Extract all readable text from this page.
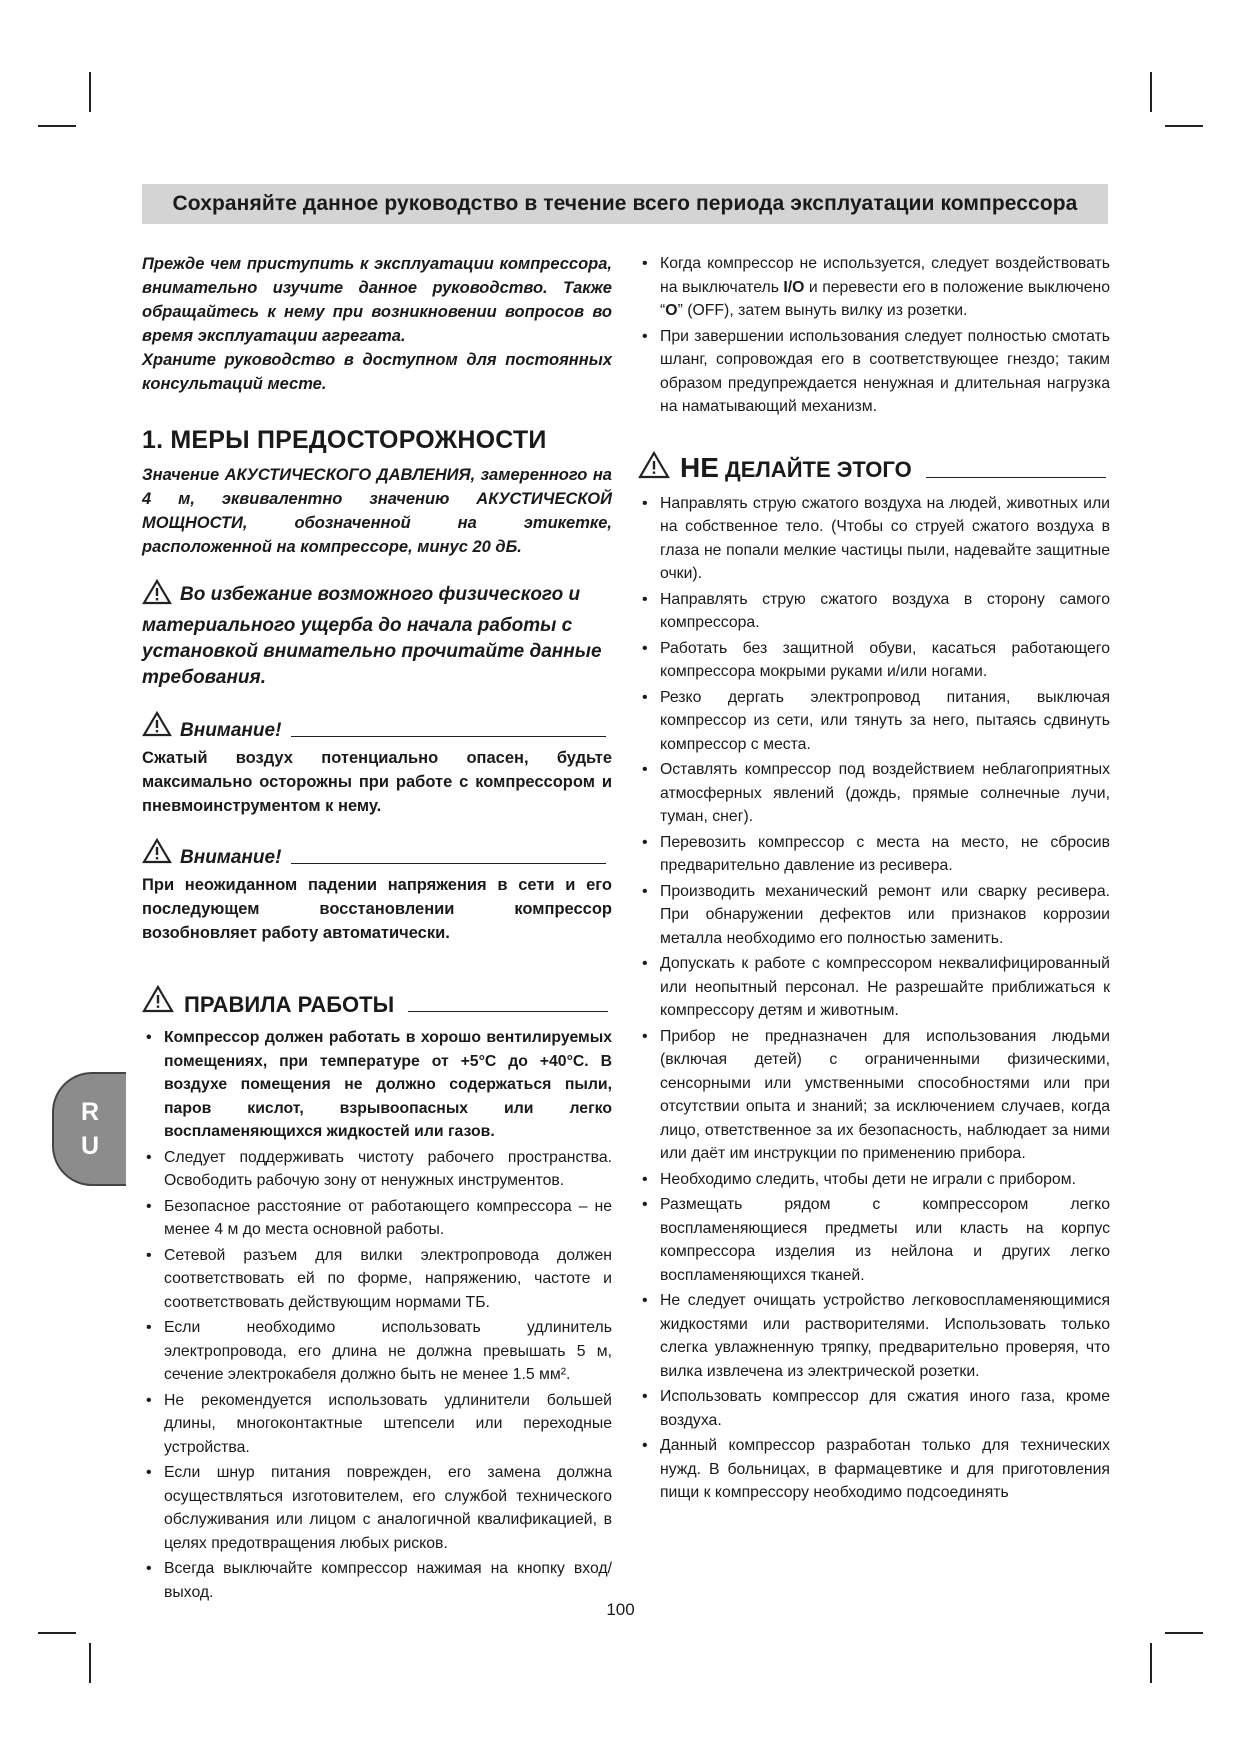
Сохраняйте данное руководство в течение всего периода эксплуатации компрессора

Прежде чем приступить к эксплуатации компрессора, внимательно изучите данное руководство. Также обращайтесь к нему при возникновении вопросов во время эксплуатации агрегата.

Храните руководство в доступном для постоянных консультаций месте.

1. МЕРЫ ПРЕДОСТОРОЖНОСТИ

Значение АКУСТИЧЕСКОГО ДАВЛЕНИЯ, замеренного на 4 м, эквивалентно значению АКУСТИЧЕСКОЙ МОЩНОСТИ, обозначенной на этикетке, расположенной на компрессоре, минус 20 дБ.

Во избежание возможного физического и материального ущерба до начала работы с установкой внимательно прочитайте данные требования.

Внимание!

Сжатый воздух потенциально опасен, будьте максимально осторожны при работе с компрессором и пневмоинструментом к нему.

Внимание!

При неожиданном падении напряжения в сети и его последующем восстановлении компрессор возобновляет работу автоматически.

ПРАВИЛА РАБОТЫ
• Компрессор должен работать в хорошо вентилируемых помещениях, при температуре от +5°С до +40°С. В воздухе помещения не должно содержаться пыли, паров кислот, взрывоопасных или легко воспламеняющихся жидкостей или газов.
• Следует поддерживать чистоту рабочего пространства. Освободить рабочую зону от ненужных инструментов.
• Безопасное расстояние от работающего компрессора – не менее 4 м до места основной работы.
• Сетевой разъем для вилки электропровода должен соответствовать ей по форме, напряжению, частоте и соответствовать действующим нормами ТБ.
• Если необходимо использовать удлинитель электропровода, его длина не должна превышать 5 м, сечение электрокабеля должно быть не менее 1.5 мм².
• Не рекомендуется использовать удлинители большей длины, многоконтактные штепсели или переходные устройства.
• Если шнур питания поврежден, его замена должна осуществляться изготовителем, его службой технического обслуживания или лицом с аналогичной квалификацией, в целях предотвращения любых рисков.
• Всегда выключайте компрессор нажимая на кнопку вход/выход.
• Когда компрессор не используется, следует воздействовать на выключатель I/O и перевести его в положение выключено “O” (OFF), затем вынуть вилку из розетки.
• При завершении использования следует полностью смотать шланг, сопровождая его в соответствующее гнездо; таким образом предупреждается ненужная и длительная нагрузка на наматывающий механизм.
НЕ ДЕЛАЙТЕ ЭТОГО
• Направлять струю сжатого воздуха на людей, животных или на собственное тело. (Чтобы со струей сжатого воздуха в глаза не попали мелкие частицы пыли, надевайте защитные очки).
• Направлять струю сжатого воздуха в сторону самого компрессора.
• Работать без защитной обуви, касаться работающего компрессора мокрыми руками и/или ногами.
• Резко дергать электропровод питания, выключая компрессор из сети, или тянуть за него, пытаясь сдвинуть компрессор с места.
• Оставлять компрессор под воздействием неблагоприятных атмосферных явлений (дождь, прямые солнечные лучи, туман, снег).
• Перевозить компрессор с места на место, не сбросив предварительно давление из ресивера.
• Производить механический ремонт или сварку ресивера. При обнаружении дефектов или признаков коррозии металла необходимо его полностью заменить.
• Допускать к работе с компрессором неквалифицированный или неопытный персонал. Не разрешайте приближаться к компрессору детям и животным.
• Прибор не предназначен для использования людьми (включая детей) с ограниченными физическими, сенсорными или умственными способностями или при отсутствии опыта и знаний; за исключением случаев, когда лицо, ответственное за их безопасность, наблюдает за ними или даёт им инструкции по применению прибора.
• Необходимо следить, чтобы дети не играли с прибором.
• Размещать рядом с компрессором легко воспламеняющиеся предметы или класть на корпус компрессора изделия из нейлона и других легко воспламеняющихся тканей.
• Не следует очищать устройство легковоспламеняющимися жидкостями или растворителями. Использовать только слегка увлажненную тряпку, предварительно проверяя, что вилка извлечена из электрической розетки.
• Использовать компрессор для сжатия иного газа, кроме воздуха.
• Данный компрессор разработан только для технических нужд. В больницах, в фармацевтике и для приготовления пищи к компрессору необходимо подсоединять
R
U
100
